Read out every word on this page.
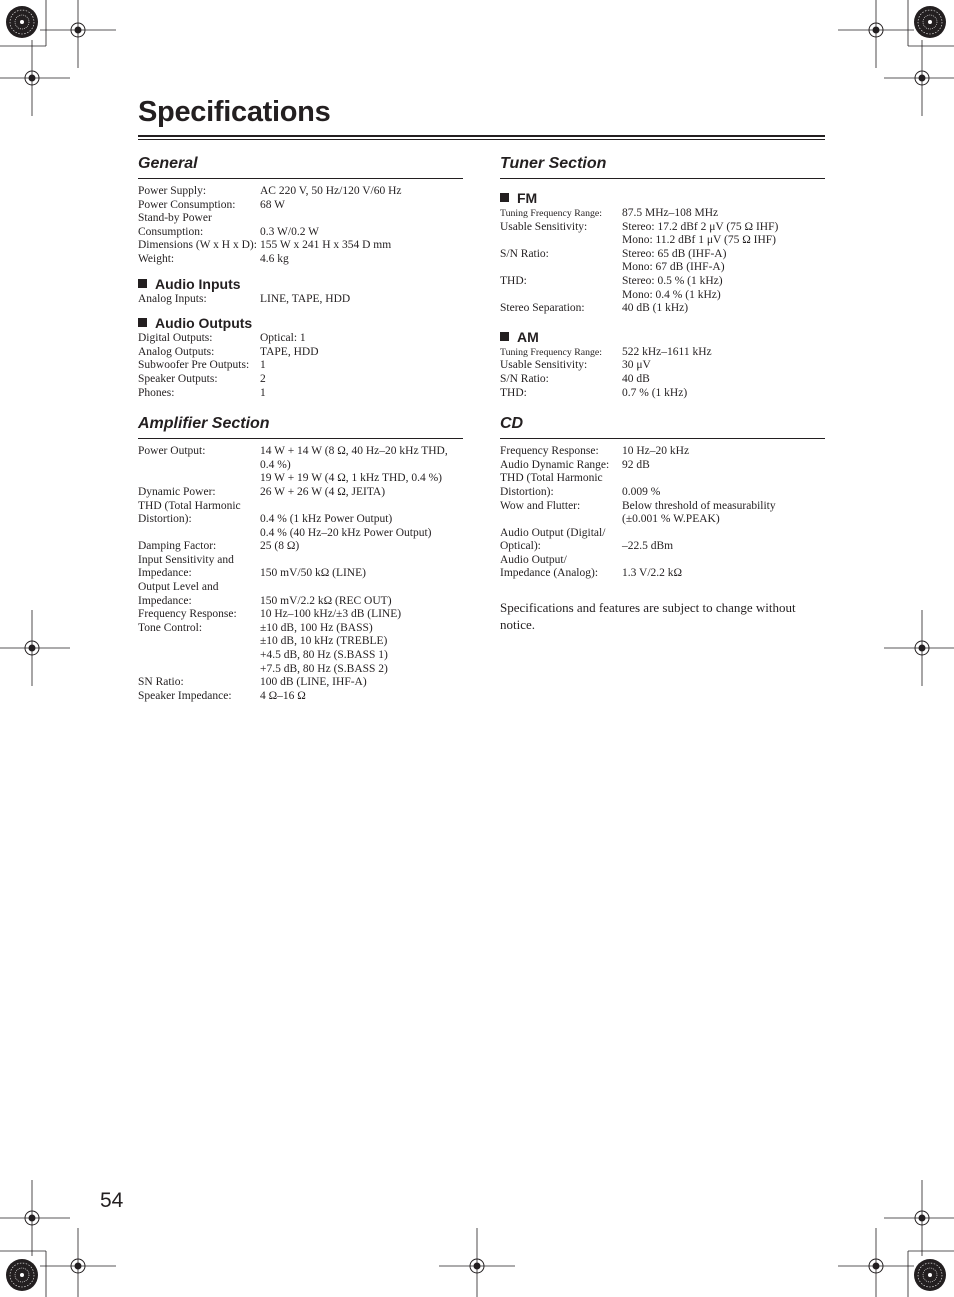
Specifications
General
Power Supply:	AC 220 V, 50 Hz/120 V/60 Hz
Power Consumption:	68 W
Stand-by Power
Consumption:	0.3 W/0.2 W
Dimensions (W x H x D): 155 W x 241 H x 354 D mm
Weight:	4.6 kg
Audio Inputs
Analog Inputs:	LINE, TAPE, HDD
Audio Outputs
Digital Outputs:	Optical: 1
Analog Outputs:	TAPE, HDD
Subwoofer Pre Outputs: 1
Speaker Outputs:	2
Phones:	1
Amplifier Section
Power Output:	14 W + 14 W (8 Ω, 40 Hz–20 kHz THD,
0.4 %)
19 W + 19 W (4 Ω, 1 kHz THD, 0.4 %)
Dynamic Power:	26 W + 26 W (4 Ω, JEITA)
THD (Total Harmonic
Distortion):	0.4 % (1 kHz Power Output)
0.4 % (40 Hz–20 kHz Power Output)
Damping Factor:	25 (8 Ω)
Input Sensitivity and
Impedance:	150 mV/50 kΩ (LINE)
Output Level and
Impedance:	150 mV/2.2 kΩ (REC OUT)
Frequency Response:	10 Hz–100 kHz/±3 dB (LINE)
Tone Control:	±10 dB, 100 Hz (BASS)
±10 dB, 10 kHz (TREBLE)
+4.5 dB, 80 Hz (S.BASS 1)
+7.5 dB, 80 Hz (S.BASS 2)
SN Ratio:	100 dB (LINE, IHF-A)
Speaker Impedance:	4 Ω–16 Ω
Tuner Section
FM
Tuning Frequency Range:	87.5 MHz–108 MHz
Usable Sensitivity:	Stereo: 17.2 dBf 2 μV (75 Ω IHF)
Mono: 11.2 dBf 1 μV (75 Ω IHF)
S/N Ratio:	Stereo: 65 dB (IHF-A)
Mono: 67 dB (IHF-A)
THD:	Stereo: 0.5 % (1 kHz)
Mono: 0.4 % (1 kHz)
Stereo Separation:	40 dB (1 kHz)
AM
Tuning Frequency Range:	522 kHz–1611 kHz
Usable Sensitivity:	30 μV
S/N Ratio:	40 dB
THD:	0.7 % (1 kHz)
CD
Frequency Response:	10 Hz–20 kHz
Audio Dynamic Range:	92 dB
THD (Total Harmonic
Distortion):	0.009 %
Wow and Flutter:	Below threshold of measurability
(±0.001 % W.PEAK)
Audio Output (Digital/
Optical):	–22.5 dBm
Audio Output/
Impedance (Analog):	1.3 V/2.2 kΩ

Specifications and features are subject to change without notice.

54
